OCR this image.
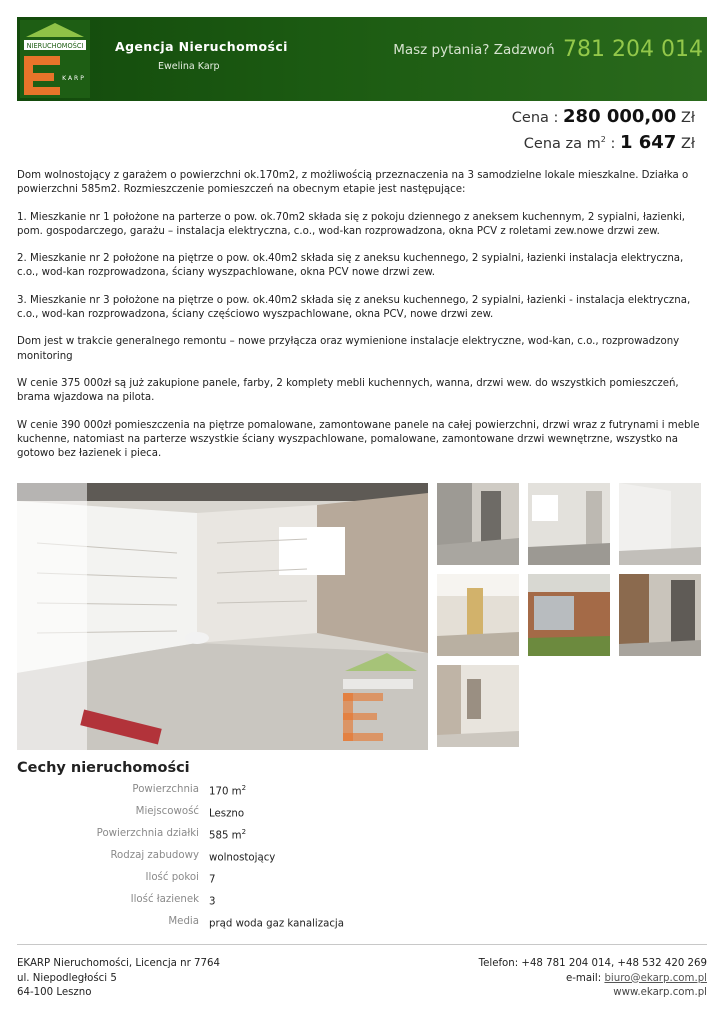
NIERUCHOMOŚCI
KARP
Agencja Nieruchomości
Ewelina Karp
Masz pytania? Zadzwoń 781 204 014
Cena : 280 000,00 Zł
Cena za $m^2$ : 1 647 Zł

Dom wolnostojący z garażem o powierzchni ok.170m2, z możliwością przeznaczenia na 3 samodzielne lokale mieszkalne. Działka o powierzchni 585m2. Rozmieszczenie pomieszczeń na obecnym etapie jest następujące:

1. Mieszkanie nr 1 położone na parterze o pow. ok.70m2 składa się z pokoju dziennego z aneksem kuchennym, 2 sypialni, łazienki, pom. gospodarczego, garażu – instalacja elektryczna, c.o., wod-kan rozprowadzona, okna PCV z roletami zew.nowe drzwi zew.

2. Mieszkanie nr 2 położone na piętrze o pow. ok.40m2 składa się z aneksu kuchennego, 2 sypialni, łazienki instalacja elektryczna, c.o., wod-kan rozprowadzona, ściany wyszpachlowane, okna PCV nowe drzwi zew.

3. Mieszkanie nr 3 położone na piętrze o pow. ok.40m2 składa się z aneksu kuchennego, 2 sypialni, łazienki - instalacja elektryczna, c.o., wod-kan rozprowadzona, ściany częściowo wyszpachlowane, okna PCV, nowe drzwi zew.

Dom jest w trakcie generalnego remontu – nowe przyłącza oraz wymienione instalacje elektryczne, wod-kan, c.o., rozprowadzony monitoring

W cenie 375 000zł są już zakupione panele, farby, 2 komplety mebli kuchennych, wanna, drzwi wew. do wszystkich pomieszczeń, brama wjazdowa na pilota.

W cenie 390 000zł pomieszczenia na piętrze pomalowane, zamontowane panele na całej powierzchni, drzwi wraz z futrynami i meble kuchenne, natomiast na parterze wszystkie ściany wyszpachlowane, pomalowane, zamontowane drzwi wewnętrzne, wszystko na gotowo bez łazienek i pieca.

Cechy nieruchomości
Powierzchnia 170 $m^2$
Miejscowość Leszno
Powierzchnia działki 585 $m^2$
Rodzaj zabudowy wolnostojący
Ilość pokoi 7
Ilość łazienek 3
Media prąd woda gaz kanalizacja
EKARP Nieruchomości, Licencja nr 7764
ul. Niepodległości 5
64-100 Leszno
Telefon: +48 781 204 014, +48 532 420 269
e-mail: biuro@ekarp.com.pl
www.ekarp.com.pl
